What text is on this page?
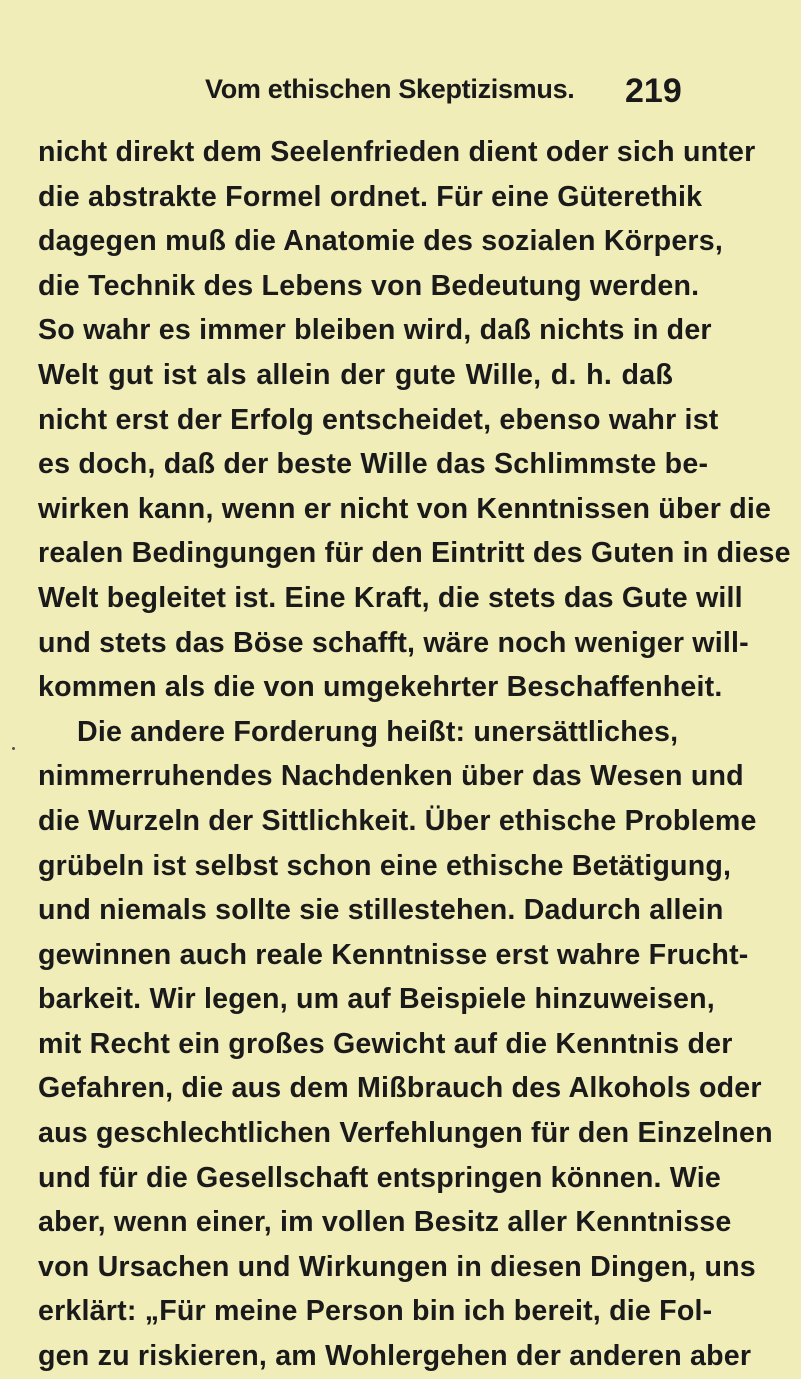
Vom ethischen Skeptizismus. 219
nicht direkt dem Seelenfrieden dient oder sich unter
die abstrakte Formel ordnet. Für eine Güterethik
dagegen muß die Anatomie des sozialen Körpers,
die Technik des Lebens von Bedeutung werden.
So wahr es immer bleiben wird, daß nichts in der
Welt gut ist als allein der gute Wille, d. h. daß
nicht erst der Erfolg entscheidet, ebenso wahr ist
es doch, daß der beste Wille das Schlimmste be-
wirken kann, wenn er nicht von Kenntnissen über die
realen Bedingungen für den Eintritt des Guten in diese
Welt begleitet ist. Eine Kraft, die stets das Gute will
und stets das Böse schafft, wäre noch weniger will-
kommen als die von umgekehrter Beschaffenheit.
Die andere Forderung heißt: unersättliches,
nimmerruhendes Nachdenken über das Wesen und
die Wurzeln der Sittlichkeit. Über ethische Probleme
grübeln ist selbst schon eine ethische Betätigung,
und niemals sollte sie stillestehen. Dadurch allein
gewinnen auch reale Kenntnisse erst wahre Frucht-
barkeit. Wir legen, um auf Beispiele hinzuweisen,
mit Recht ein großes Gewicht auf die Kenntnis der
Gefahren, die aus dem Mißbrauch des Alkohols oder
aus geschlechtlichen Verfehlungen für den Einzelnen
und für die Gesellschaft entspringen können. Wie
aber, wenn einer, im vollen Besitz aller Kenntnisse
von Ursachen und Wirkungen in diesen Dingen, uns
erklärt: „Für meine Person bin ich bereit, die Fol-
gen zu riskieren, am Wohlergehen der anderen aber
